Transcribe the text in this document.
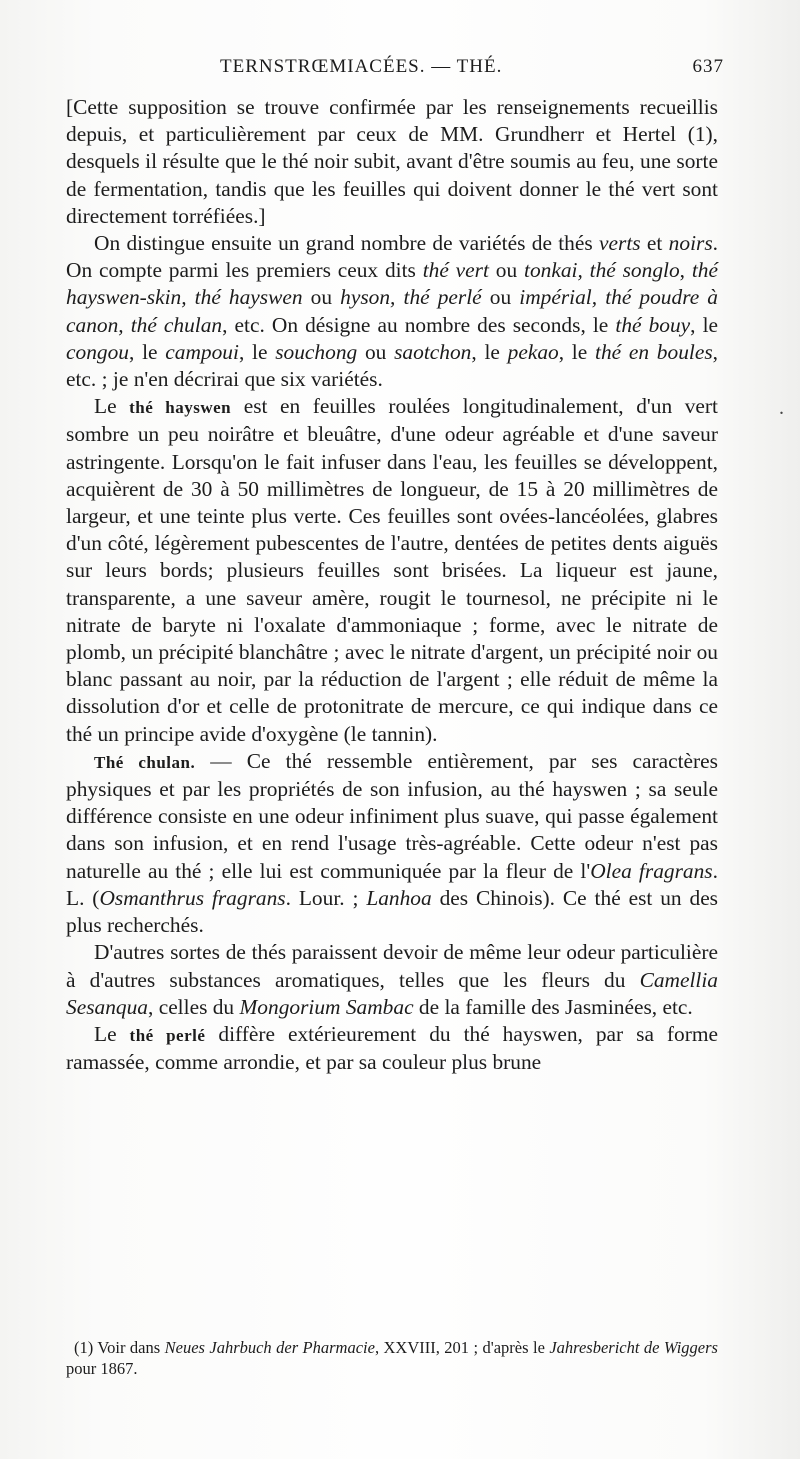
TERNSTRŒMIACÉES. — THÉ.	637
.

[Cette supposition se trouve confirmée par les renseignements recueillis depuis, et particulièrement par ceux de MM. Grundherr et Hertel (1), desquels il résulte que le thé noir subit, avant d'être soumis au feu, une sorte de fermentation, tandis que les feuilles qui doivent donner le thé vert sont directement torréfiées.]

On distingue ensuite un grand nombre de variétés de thés verts et noirs. On compte parmi les premiers ceux dits thé vert ou tonkai, thé songlo, thé hayswen-skin, thé hayswen ou hyson, thé perlé ou impérial, thé poudre à canon, thé chulan, etc. On désigne au nombre des seconds, le thé bouy, le congou, le campoui, le souchong ou saotchon, le pekao, le thé en boules, etc. ; je n'en décrirai que six variétés.

Le thé hayswen est en feuilles roulées longitudinalement, d'un vert sombre un peu noirâtre et bleuâtre, d'une odeur agréable et d'une saveur astringente. Lorsqu'on le fait infuser dans l'eau, les feuilles se développent, acquièrent de 30 à 50 millimètres de longueur, de 15 à 20 millimètres de largeur, et une teinte plus verte. Ces feuilles sont ovées-lancéolées, glabres d'un côté, légèrement pubescentes de l'autre, dentées de petites dents aiguës sur leurs bords; plusieurs feuilles sont brisées. La liqueur est jaune, transparente, a une saveur amère, rougit le tournesol, ne précipite ni le nitrate de baryte ni l'oxalate d'ammoniaque ; forme, avec le nitrate de plomb, un précipité blanchâtre ; avec le nitrate d'argent, un précipité noir ou blanc passant au noir, par la réduction de l'argent ; elle réduit de même la dissolution d'or et celle de protonitrate de mercure, ce qui indique dans ce thé un principe avide d'oxygène (le tannin).

Thé chulan. — Ce thé ressemble entièrement, par ses caractères physiques et par les propriétés de son infusion, au thé hayswen ; sa seule différence consiste en une odeur infiniment plus suave, qui passe également dans son infusion, et en rend l'usage très-agréable. Cette odeur n'est pas naturelle au thé ; elle lui est communiquée par la fleur de l'Olea fragrans. L. (Osmanthrus fragrans. Lour. ; Lanhoa des Chinois). Ce thé est un des plus recherchés.

D'autres sortes de thés paraissent devoir de même leur odeur particulière à d'autres substances aromatiques, telles que les fleurs du Camellia Sesanqua, celles du Mongorium Sambac de la famille des Jasminées, etc.

Le thé perlé diffère extérieurement du thé hayswen, par sa forme ramassée, comme arrondie, et par sa couleur plus brune

(1) Voir dans Neues Jahrbuch der Pharmacie, XXVIII, 201 ; d'après le Jahresbericht de Wiggers pour 1867.
